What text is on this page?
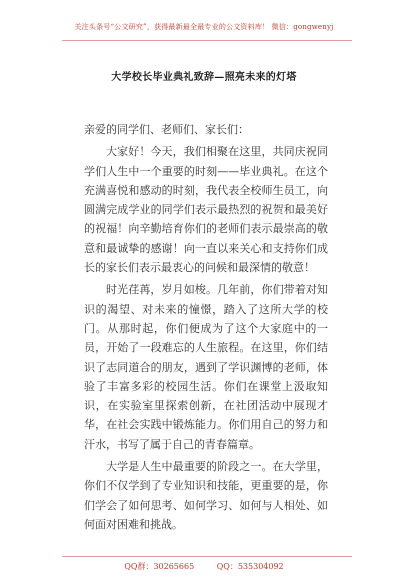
关注头条号“公文研究”，获得最新最全最专业的公文资料库！ 微信：gongwenyj
大学校长毕业典礼致辞—照亮未来的灯塔

亲爱的同学们、老师们、家长们：

大家好！今天，我们相聚在这里，共同庆祝同学们人生中一个重要的时刻——毕业典礼。在这个充满喜悦和感动的时刻，我代表全校师生员工，向圆满完成学业的同学们表示最热烈的祝贺和最美好的祝福！向辛勤培育你们的老师们表示最崇高的敬意和最诚挚的感谢！向一直以来关心和支持你们成长的家长们表示最衷心的问候和最深情的敬意！

时光荏苒，岁月如梭。几年前，你们带着对知识的渴望、对未来的憧憬，踏入了这所大学的校门。从那时起，你们便成为了这个大家庭中的一员，开始了一段难忘的人生旅程。在这里，你们结识了志同道合的朋友，遇到了学识渊博的老师，体验了丰富多彩的校园生活。你们在课堂上汲取知识，在实验室里探索创新，在社团活动中展现才华，在社会实践中锻炼能力。你们用自己的努力和汗水，书写了属于自己的青春篇章。

大学是人生中最重要的阶段之一。在大学里，你们不仅学到了专业知识和技能，更重要的是，你们学会了如何思考、如何学习、如何与人相处、如何面对困难和挑战。

QQ群：30265665	QQ：535304092
